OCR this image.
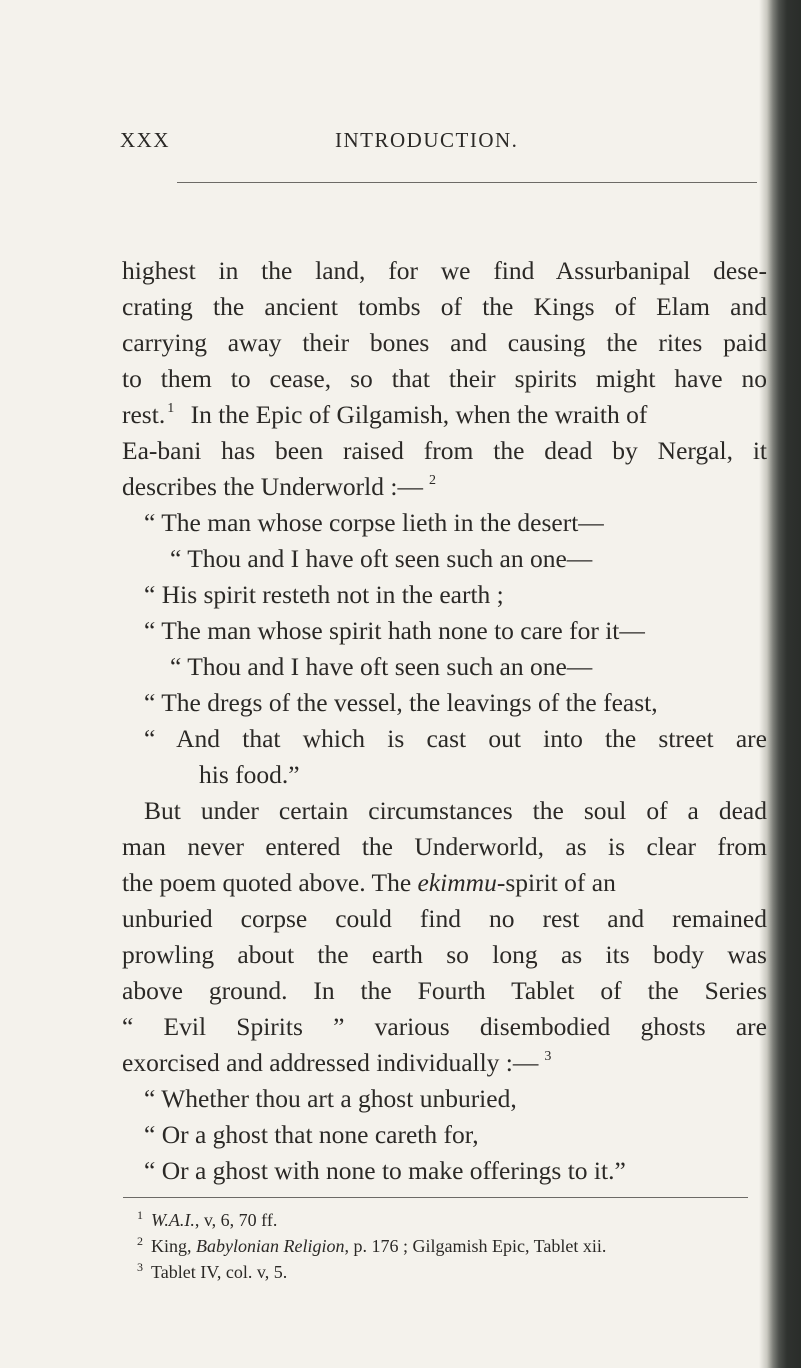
XXX	INTRODUCTION.
highest in the land, for we find Assurbanipal dese-
crating the ancient tombs of the Kings of Elam and
carrying away their bones and causing the rites paid
to them to cease, so that their spirits might have no
rest. $^1$ In the Epic of Gilgamish, when the wraith of
Ea-bani has been raised from the dead by Nergal, it
describes the Underworld :— $^2$
“ The man whose corpse lieth in the desert—
“ Thou and I have oft seen such an one—
“ His spirit resteth not in the earth ;
“ The man whose spirit hath none to care for it—
“ Thou and I have oft seen such an one—
“ The dregs of the vessel, the leavings of the feast,
“ And that which is cast out into the street are
his food.”
But under certain circumstances the soul of a dead
man never entered the Underworld, as is clear from
the poem quoted above. The ekimmu-spirit of an
unburied corpse could find no rest and remained
prowling about the earth so long as its body was
above ground. In the Fourth Tablet of the Series
“ Evil Spirits ” various disembodied ghosts are
exorcised and addressed individually :— $^3$
“ Whether thou art a ghost unburied,
“ Or a ghost that none careth for,
“ Or a ghost with none to make offerings to it.”
$^1$ W.A.I., v, 6, 70 ff.
$^2$ King, Babylonian Religion, p. 176 ; Gilgamish Epic, Tablet xii.
$^3$ Tablet IV, col. v, 5.
